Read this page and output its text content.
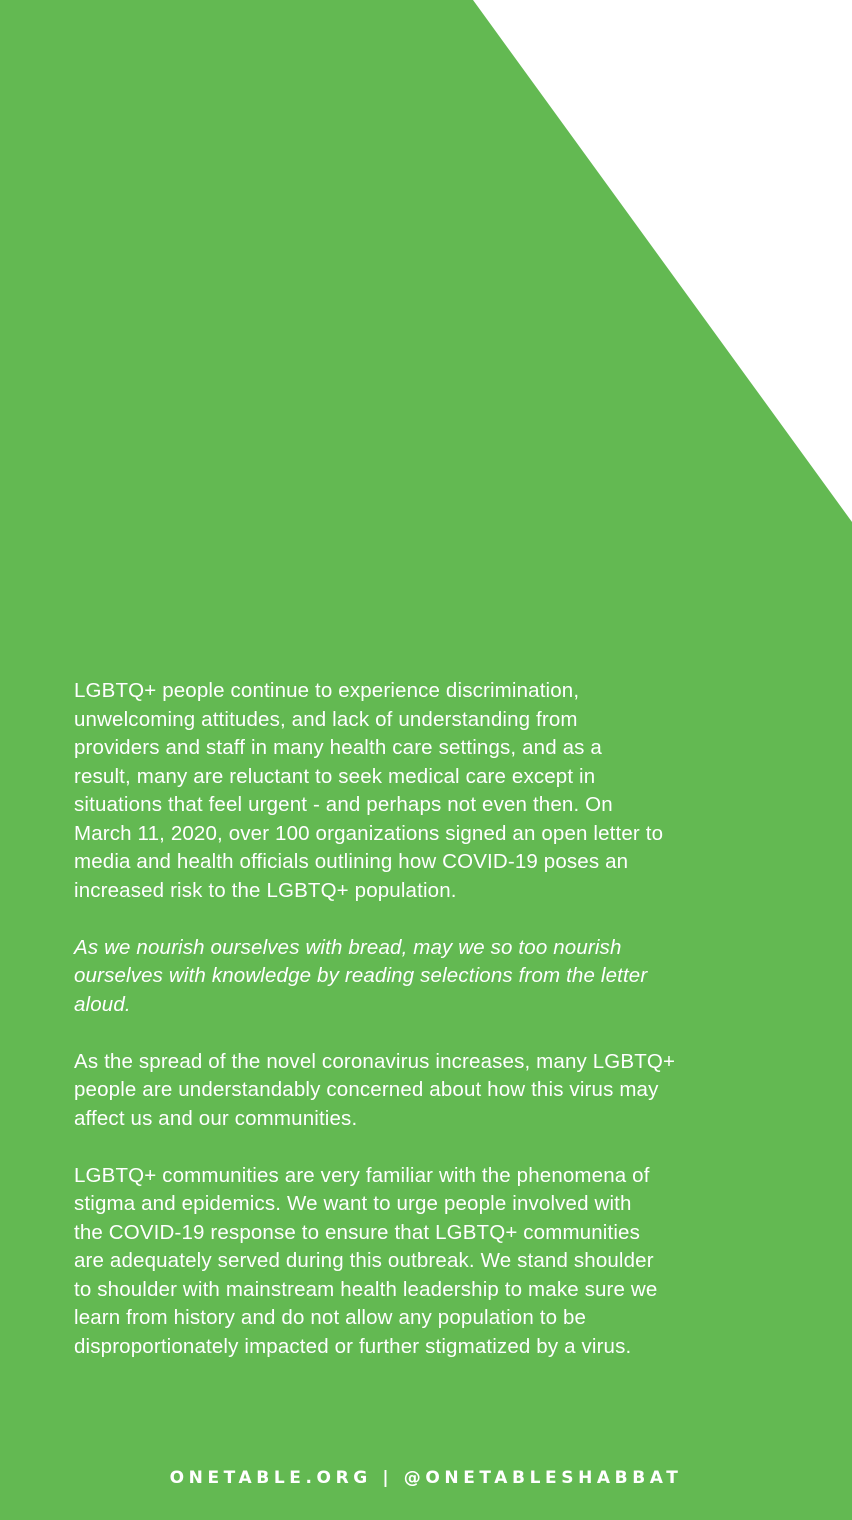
LGBTQ+ people continue to experience discrimination,
unwelcoming attitudes, and lack of understanding from
providers and staff in many health care settings, and as a
result, many are reluctant to seek medical care except in
situations that feel urgent - and perhaps not even then. On
March 11, 2020, over 100 organizations signed an open letter to
media and health officials outlining how COVID-19 poses an
increased risk to the LGBTQ+ population.

As we nourish ourselves with bread, may we so too nourish
ourselves with knowledge by reading selections from the letter
aloud.

As the spread of the novel coronavirus increases, many LGBTQ+
people are understandably concerned about how this virus may
affect us and our communities.

LGBTQ+ communities are very familiar with the phenomena of
stigma and epidemics. We want to urge people involved with
the COVID-19 response to ensure that LGBTQ+ communities
are adequately served during this outbreak. We stand shoulder
to shoulder with mainstream health leadership to make sure we
learn from history and do not allow any population to be
disproportionately impacted or further stigmatized by a virus.

ONETABLE.ORG | @ONETABLESHABBAT
